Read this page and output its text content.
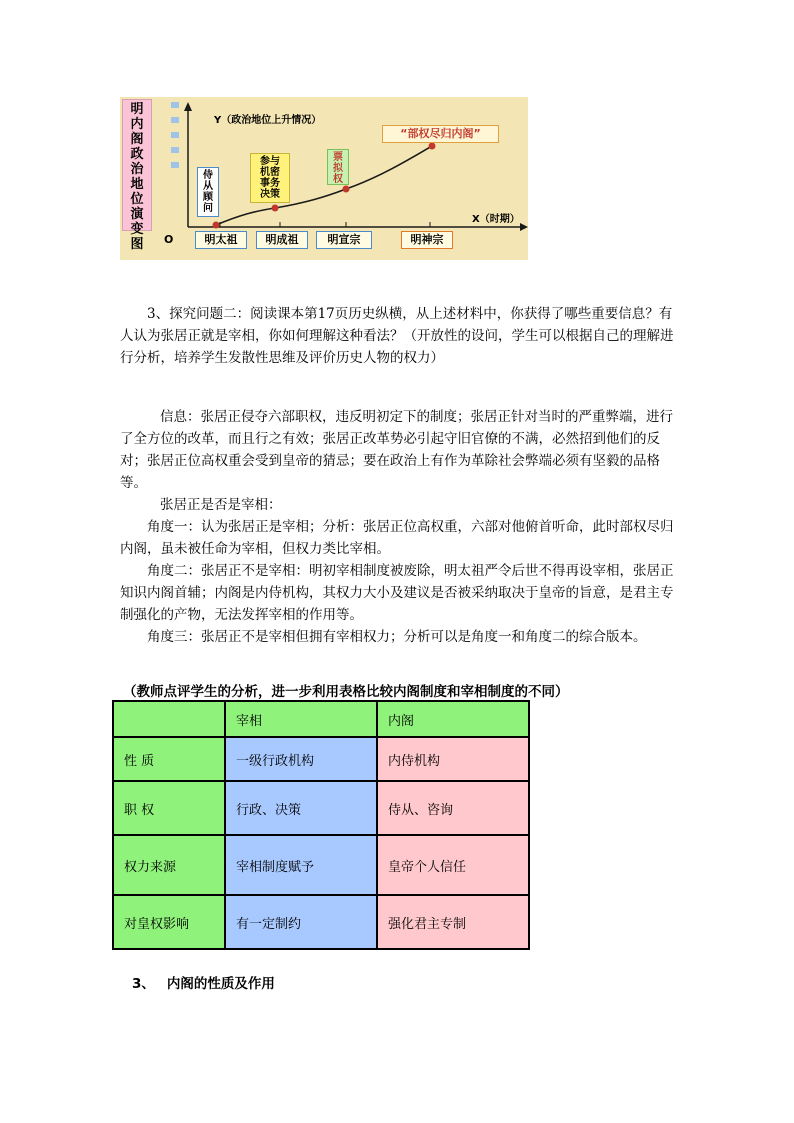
明
内
阁
政
治
地
位
演
变
图
Y（政治地位上升情况）
X（时期）
O
侍
从
顾
问
参与
机密
事务
决策
票
拟
权
“部权尽归内阁”
明太祖	明成祖	明宣宗	明神宗

3、探究问题二：阅读课本第17页历史纵横，从上述材料中，你获得了哪些重要信息？有人认为张居正就是宰相，你如何理解这种看法？（开放性的设问，学生可以根据自己的理解进行分析，培养学生发散性思维及评价历史人物的权力）

信息：张居正侵夺六部职权，违反明初定下的制度；张居正针对当时的严重弊端，进行了全方位的改革，而且行之有效；张居正改革势必引起守旧官僚的不满，必然招到他们的反对；张居正位高权重会受到皇帝的猜忌；要在政治上有作为革除社会弊端必须有坚毅的品格等。

张居正是否是宰相：

角度一：认为张居正是宰相；分析：张居正位高权重，六部对他俯首听命，此时部权尽归内阁，虽未被任命为宰相，但权力类比宰相。

角度二：张居正不是宰相：明初宰相制度被废除，明太祖严令后世不得再设宰相，张居正知识内阁首辅；内阁是内侍机构，其权力大小及建议是否被采纳取决于皇帝的旨意，是君主专制强化的产物，无法发挥宰相的作用等。

角度三：张居正不是宰相但拥有宰相权力；分析可以是角度一和角度二的综合版本。

（教师点评学生的分析，进一步利用表格比较内阁制度和宰相制度的不同）
	宰相	内阁
性 质	一级行政机构	内侍机构
职 权	行政、决策	侍从、咨询
权力来源	宰相制度赋予	皇帝个人信任
对皇权影响	有一定制约	强化君主专制
3、 内阁的性质及作用
